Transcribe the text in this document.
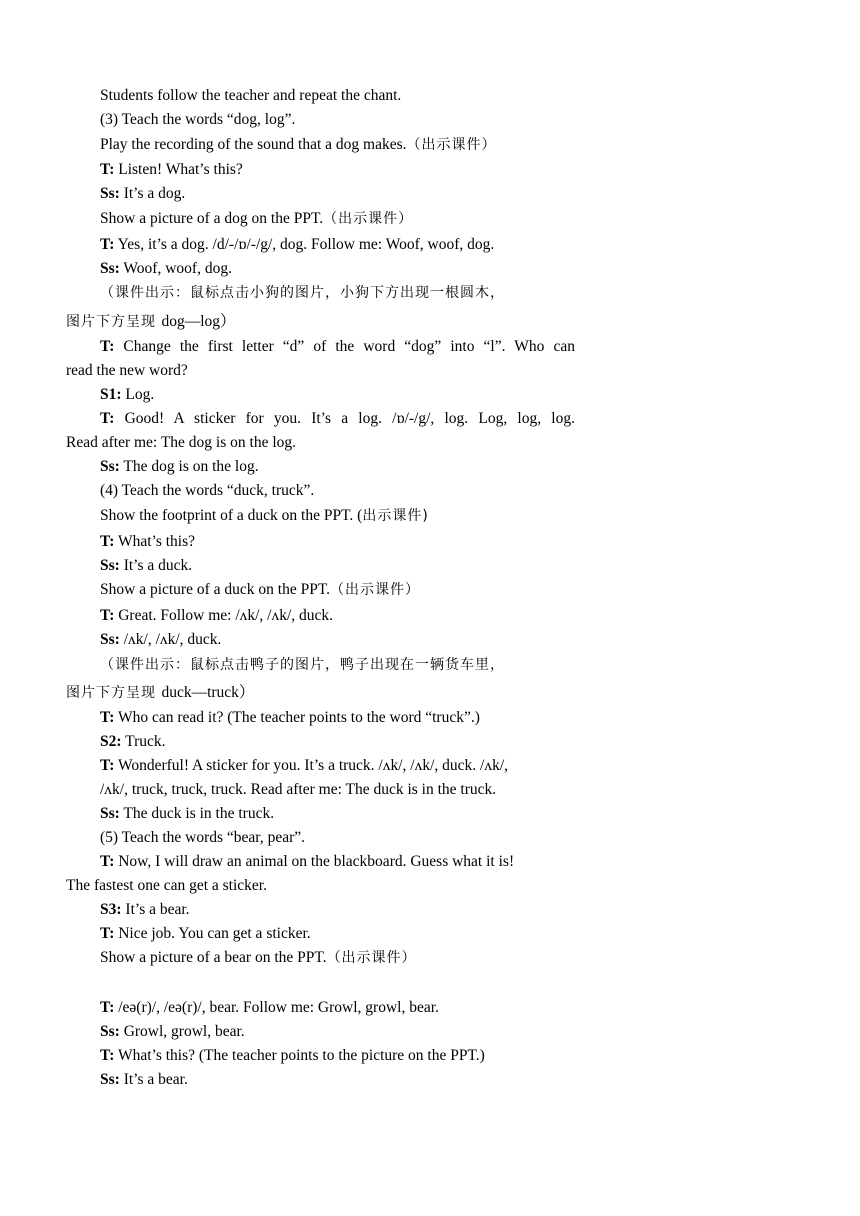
Students follow the teacher and repeat the chant.
(3) Teach the words “dog, log”.
Play the recording of the sound that a dog makes.（出示课件）
T: Listen! What’s this?
Ss: It’s a dog.
Show a picture of a dog on the PPT.（出示课件）
T: Yes, it’s a dog. /d/-/ɒ/-/g/, dog. Follow me: Woof, woof, dog.
Ss: Woof, woof, dog.
（课件出示：鼠标点击小狗的图片，小狗下方出现一根圆木，
图片下方呈现 dog—log）
T: Change the first letter “d” of the word “dog” into “l”. Who can
read the new word?
S1: Log.
T: Good! A sticker for you. It’s a log. /ɒ/-/g/, log. Log, log, log.
Read after me: The dog is on the log.
Ss: The dog is on the log.
(4) Teach the words “duck, truck”.
Show the footprint of a duck on the PPT. (出示课件)
T: What’s this?
Ss: It’s a duck.
Show a picture of a duck on the PPT.（出示课件）
T: Great. Follow me: /ʌk/, /ʌk/, duck.
Ss: /ʌk/, /ʌk/, duck.
（课件出示：鼠标点击鸭子的图片，鸭子出现在一辆货车里，
图片下方呈现 duck—truck）
T: Who can read it? (The teacher points to the word “truck”.)
S2: Truck.
T: Wonderful! A sticker for you. It’s a truck. /ʌk/, /ʌk/, duck. /ʌk/,
/ʌk/, truck, truck, truck. Read after me: The duck is in the truck.
Ss: The duck is in the truck.
(5) Teach the words “bear, pear”.
T: Now, I will draw an animal on the blackboard. Guess what it is!
The fastest one can get a sticker.
S3: It’s a bear.
T: Nice job. You can get a sticker.
Show a picture of a bear on the PPT.（出示课件）
T: /eə(r)/, /eə(r)/, bear. Follow me: Growl, growl, bear.
Ss: Growl, growl, bear.
T: What’s this? (The teacher points to the picture on the PPT.)
Ss: It’s a bear.
